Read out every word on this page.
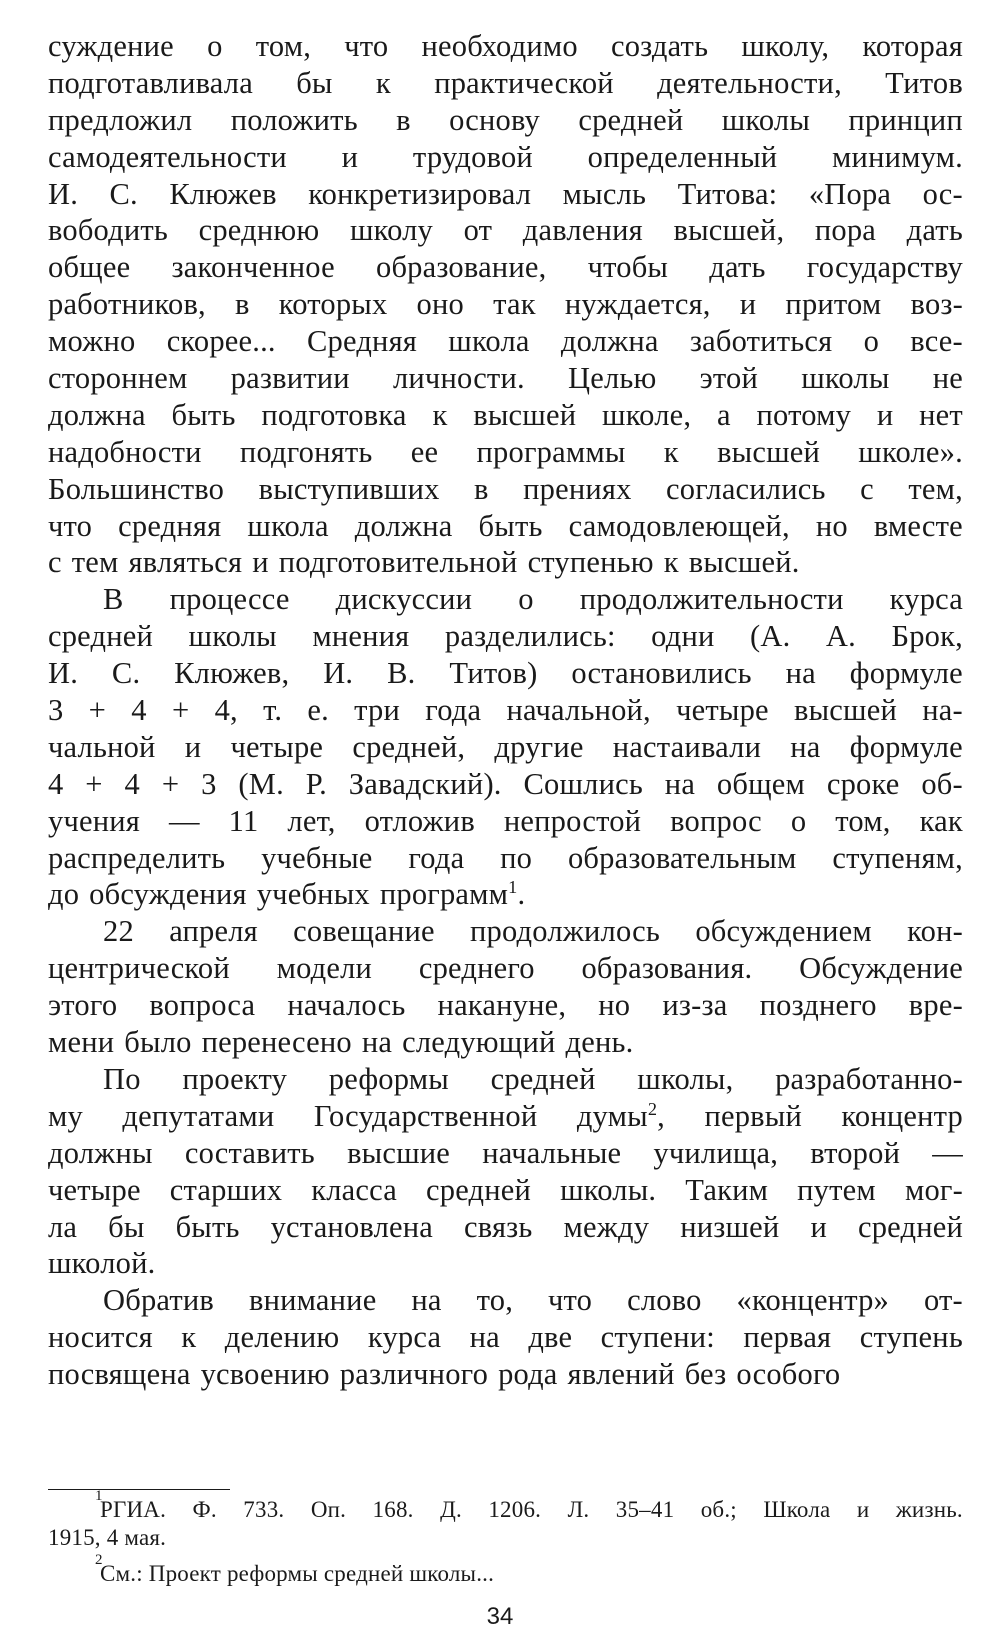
суждение о том, что необходимо создать школу, которая
подготавливала бы к практической деятельности, Титов
предложил положить в основу средней школы принцип
самодеятельности и трудовой определенный минимум.
И. С. Клюжев конкретизировал мысль Титова: «Пора ос-
вободить среднюю школу от давления высшей, пора дать
общее законченное образование, чтобы дать государству
работников, в которых оно так нуждается, и притом воз-
можно скорее... Средняя школа должна заботиться о все-
стороннем развитии личности. Целью этой школы не
должна быть подготовка к высшей школе, а потому и нет
надобности подгонять ее программы к высшей школе».
Большинство выступивших в прениях согласились с тем,
что средняя школа должна быть самодовлеющей, но вместе
с тем являться и подготовительной ступенью к высшей.
В процессе дискуссии о продолжительности курса
средней школы мнения разделились: одни (А. А. Брок,
И. С. Клюжев, И. В. Титов) остановились на формуле
3 + 4 + 4, т. е. три года начальной, четыре высшей на-
чальной и четыре средней, другие настаивали на формуле
4 + 4 + 3 (М. Р. Завадский). Сошлись на общем сроке об-
учения — 11 лет, отложив непростой вопрос о том, как
распределить учебные года по образовательным ступеням,
до обсуждения учебных программ$^1$.
22 апреля совещание продолжилось обсуждением кон-
центрической модели среднего образования. Обсуждение
этого вопроса началось накануне, но из-за позднего вре-
мени было перенесено на следующий день.
По проекту реформы средней школы, разработанно-
му депутатами Государственной думы$^2$, первый концентр
должны составить высшие начальные училища, второй —
четыре старших класса средней школы. Таким путем мог-
ла бы быть установлена связь между низшей и средней
школой.
Обратив внимание на то, что слово «концентр» от-
носится к делению курса на две ступени: первая ступень
посвящена усвоению различного рода явлений без особого
1
РГИА. Ф. 733. Оп. 168. Д. 1206. Л. 35–41 об.; Школа и жизнь.
1915, 4 мая.
2
См.: Проект реформы средней школы...
34
